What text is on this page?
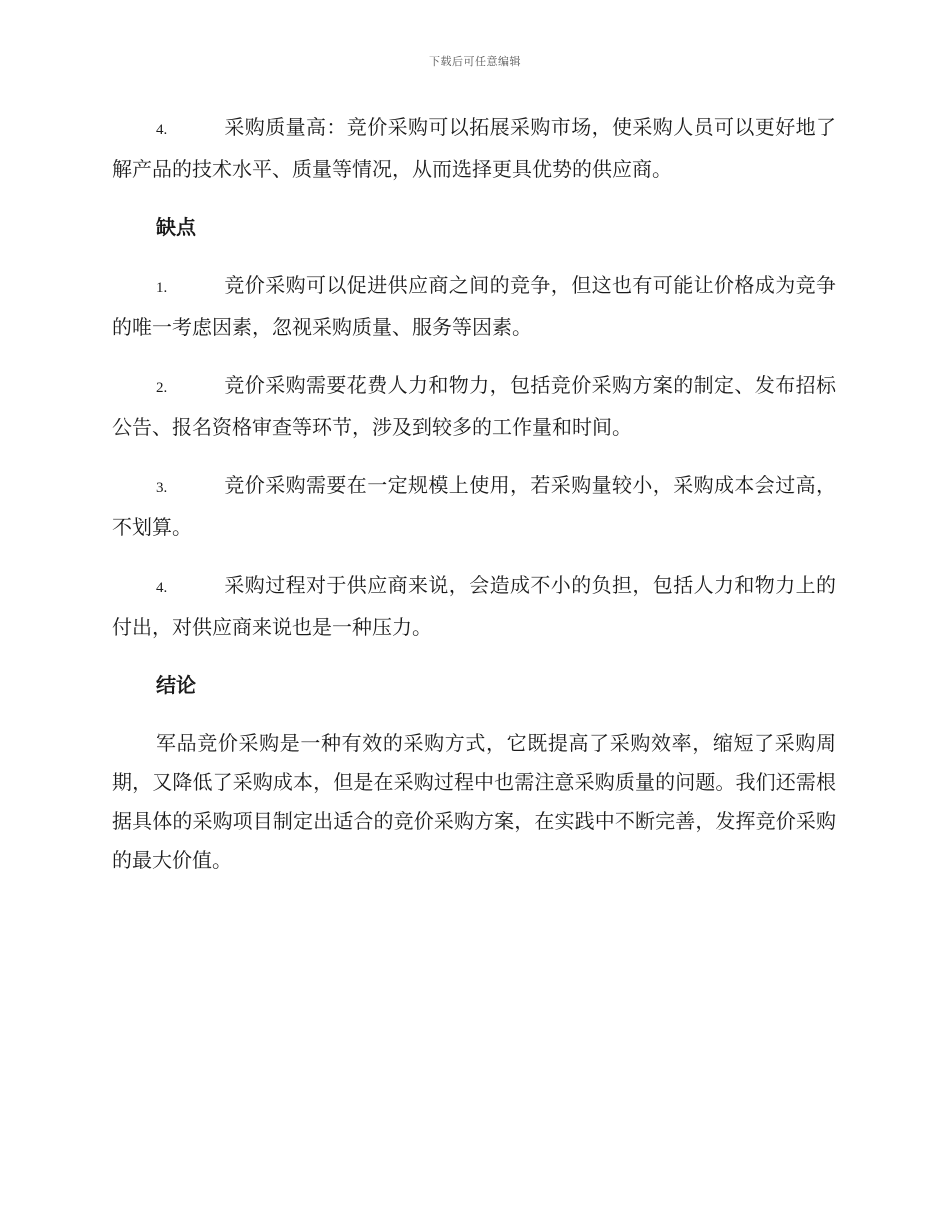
下载后可任意编辑

4.	采购质量高：竞价采购可以拓展采购市场，使采购人员可以更好地了解产品的技术水平、质量等情况，从而选择更具优势的供应商。

缺点

1.	竞价采购可以促进供应商之间的竞争，但这也有可能让价格成为竞争的唯一考虑因素，忽视采购质量、服务等因素。

2.	竞价采购需要花费人力和物力，包括竞价采购方案的制定、发布招标公告、报名资格审查等环节，涉及到较多的工作量和时间。

3.	竞价采购需要在一定规模上使用，若采购量较小，采购成本会过高，不划算。

4.	采购过程对于供应商来说，会造成不小的负担，包括人力和物力上的付出，对供应商来说也是一种压力。

结论

军品竞价采购是一种有效的采购方式，它既提高了采购效率，缩短了采购周期，又降低了采购成本，但是在采购过程中也需注意采购质量的问题。我们还需根据具体的采购项目制定出适合的竞价采购方案，在实践中不断完善，发挥竞价采购的最大价值。
